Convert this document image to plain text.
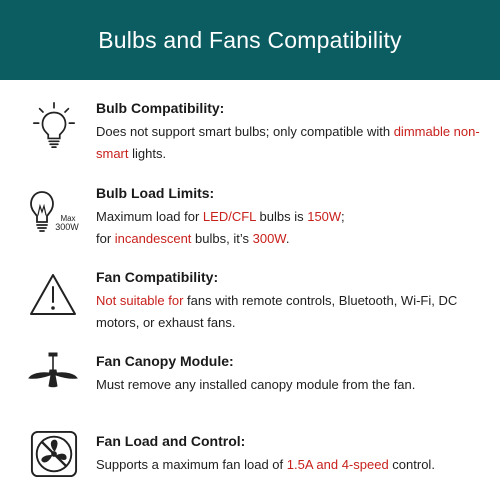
Bulbs and Fans Compatibility
Bulb Compatibility:
Does not support smart bulbs; only compatible with dimmable non-smart lights.
Max
300W
Bulb Load Limits:
Maximum load for LED/CFL bulbs is 150W;
for incandescent bulbs, it’s 300W.
Fan Compatibility:
Not suitable for fans with remote controls, Bluetooth, Wi-Fi, DC motors, or exhaust fans.
Fan Canopy Module:
Must remove any installed canopy module from the fan.
Fan Load and Control:
Supports a maximum fan load of 1.5A and 4-speed control.
